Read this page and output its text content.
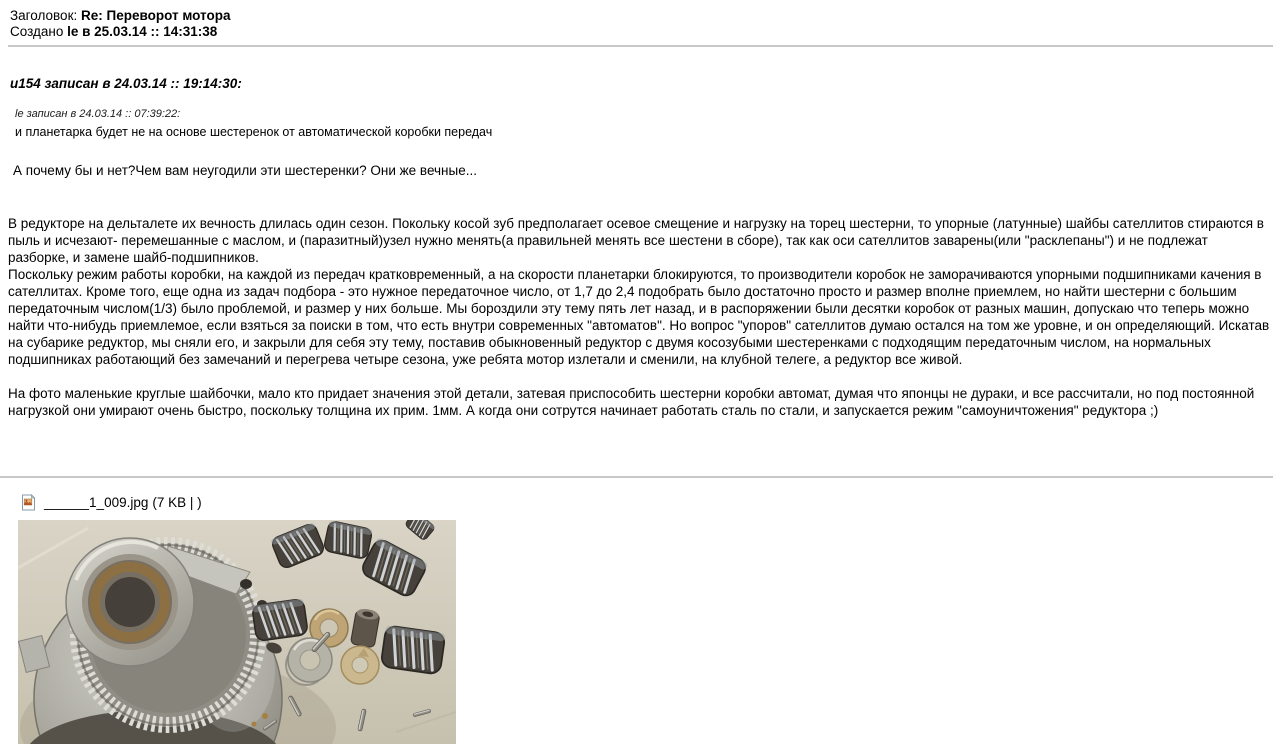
Заголовок: Re: Переворот мотора
Создано le в 25.03.14 :: 14:31:38
и154 записан в 24.03.14 :: 19:14:30:
le записан в 24.03.14 :: 07:39:22:
и планетарка будет не на основе шестеренок от автоматической коробки передач
А почему бы и нет?Чем вам неугодили эти шестеренки? Они же вечные...
В редукторе на дельталете их вечность длилась один сезон. Покольку косой зуб предполагает осевое смещение и нагрузку на торец шестерни, то упорные (латунные) шайбы сателлитов стираются в пыль и исчезают- перемешанные с маслом, и (паразитный)узел нужно менять(а правильней менять все шестени в сборе), так как оси сателлитов заварены(или "расклепаны") и не подлежат разборке, и замене шайб-подшипников.
Поскольку режим работы коробки, на каждой из передач кратковременный, а на скорости планетарки блокируются, то производители коробок не заморачиваются упорными подшипниками качения в сателлитах. Кроме того, еще одна из задач подбора - это нужное передаточное число, от 1,7 до 2,4 подобрать было достаточно просто и размер вполне приемлем, но найти шестерни с большим передаточным числом(1/3) было проблемой, и размер у них больше. Мы бороздили эту тему пять лет назад, и в распоряжении были десятки коробок от разных машин, допускаю что теперь можно найти что-нибудь приемлемое, если взяться за поиски в том, что есть внутри современных "автоматов". Но вопрос "упоров" сателлитов думаю остался на том же уровне, и он определяющий. Искатав на субарике редуктор, мы сняли его, и закрыли для себя эту тему, поставив обыкновенный редуктор с двумя косозубыми шестеренками с подходящим передаточным числом, на нормальных подшипниках работающий без замечаний и перегрева четыре сезона, уже ребята мотор излетали и сменили, на клубной телеге, а редуктор все живой.
На фото маленькие круглые шайбочки, мало кто придает значения этой детали, затевая приспособить шестерни коробки автомат, думая что японцы не дураки, и все рассчитали, но под постоянной нагрузкой они умирают очень быстро, поскольку толщина их прим. 1мм. А когда они сотрутся начинает работать сталь по стали, и запускается режим "самоуничтожения" редуктора ;)
______1_009.jpg (7 KB | )
